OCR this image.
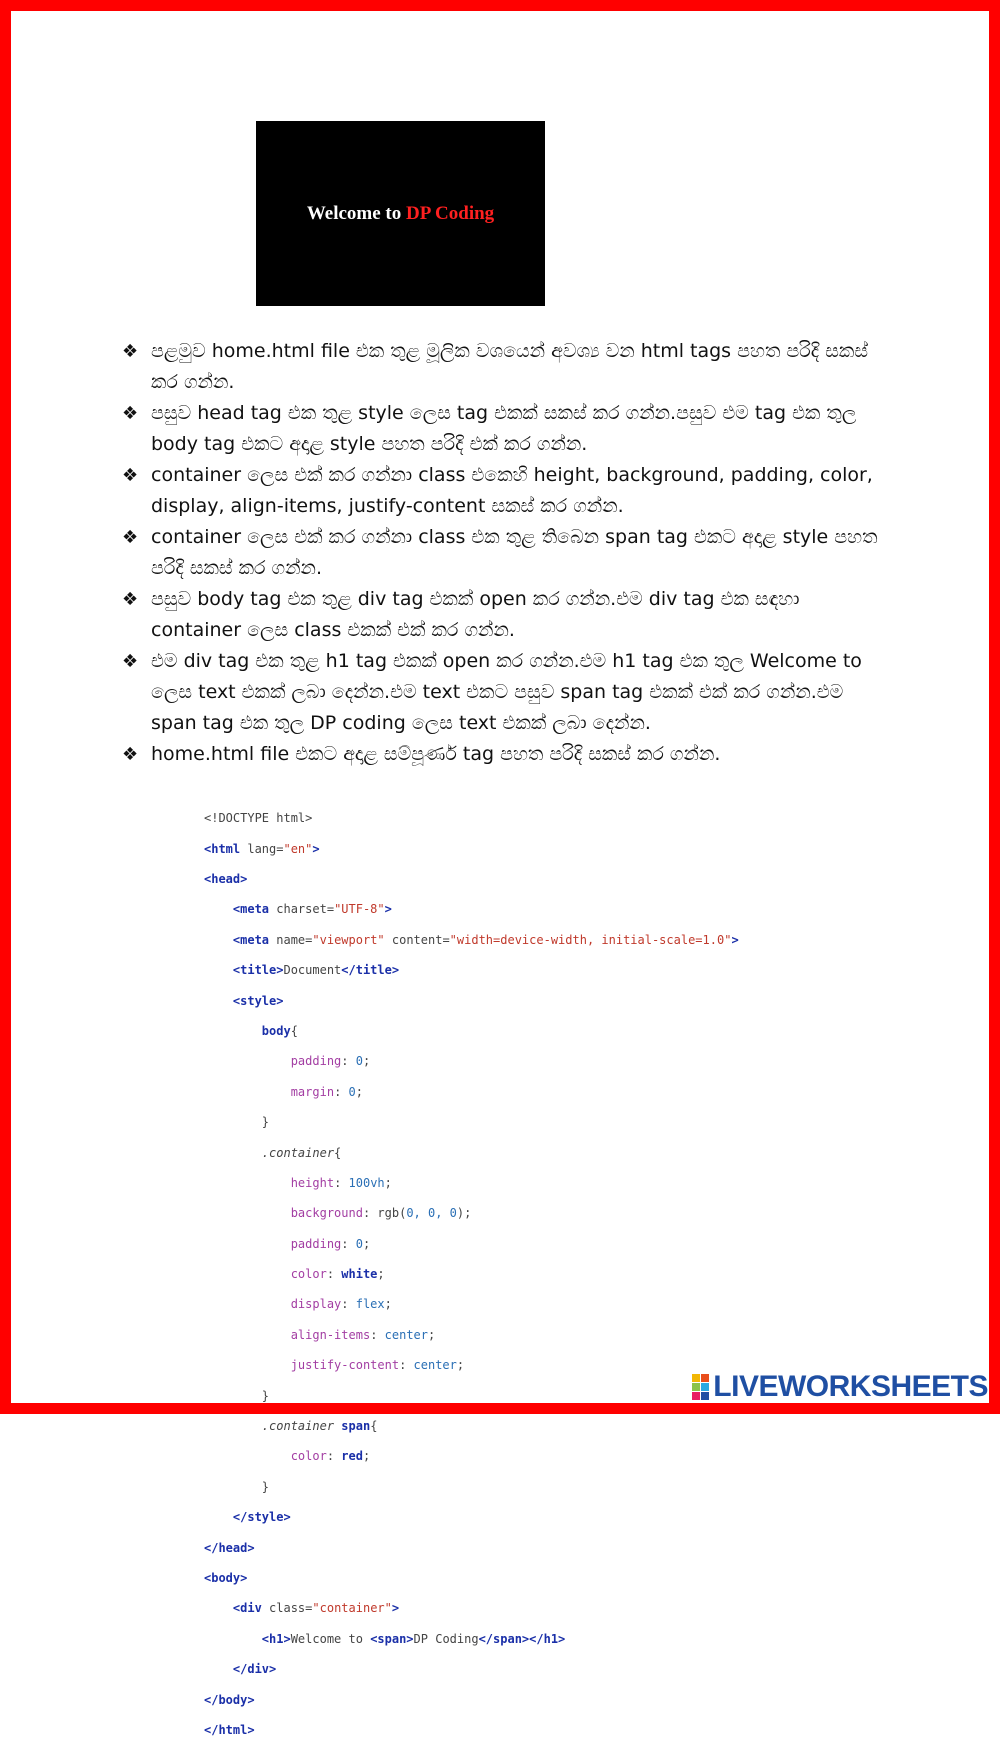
Welcome to DP Coding
❖ පළමුව home.html file එක තුළ මූලික වශයෙන් අවශ්‍ය වන html tags පහත පරිදි සකස් කර ගන්න.
❖ පසුව head tag එක තුළ style ලෙස tag එකක් සකස් කර ගන්න.පසුව එම tag එක තුල body tag එකට අදාළ style පහත පරිදි එක් කර ගන්න.
❖ container ලෙස එක් කර ගන්නා class එකෙහි height, background, padding, color, display, align-items, justify-content සකස් කර ගන්න.
❖ container ලෙස එක් කර ගන්නා class එක තුළ තිබෙන span tag එකට අදාළ style පහත පරිදි සකස් කර ගන්න.
❖ පසුව body tag එක තුළ div tag එකක් open කර ගන්න.එම div tag එක සඳහා container ලෙස class එකක් එක් කර ගන්න.
❖ එම div tag එක තුළ h1 tag එකක් open කර ගන්න.එම h1 tag එක තුල Welcome to ලෙස text එකක් ලබා දෙන්න.එම text එකට පසුව span tag එකක් එක් කර ගන්න.එම span tag එක තුල DP coding ලෙස text එකක් ලබා දෙන්න.
❖ home.html file එකට අදාළ සම්පූර්ණ tag පහත පරිදි සකස් කර ගන්න.

<!DOCTYPE html>

<html lang="en">

<head>

<meta charset="UTF-8">

<meta name="viewport" content="width=device-width, initial-scale=1.0">

<title>Document</title>

<style>

body{

padding: 0;

margin: 0;

}

.container{

height: 100vh;

background: rgb(0, 0, 0);

padding: 0;

color: white;

display: flex;

align-items: center;

justify-content: center;

}

.container span{

color: red;

}

</style>

</head>

<body>

<div class="container">

<h1>Welcome to <span>DP Coding</span></h1>

</div>

</body>

</html>

LIVEWORKSHEETS
